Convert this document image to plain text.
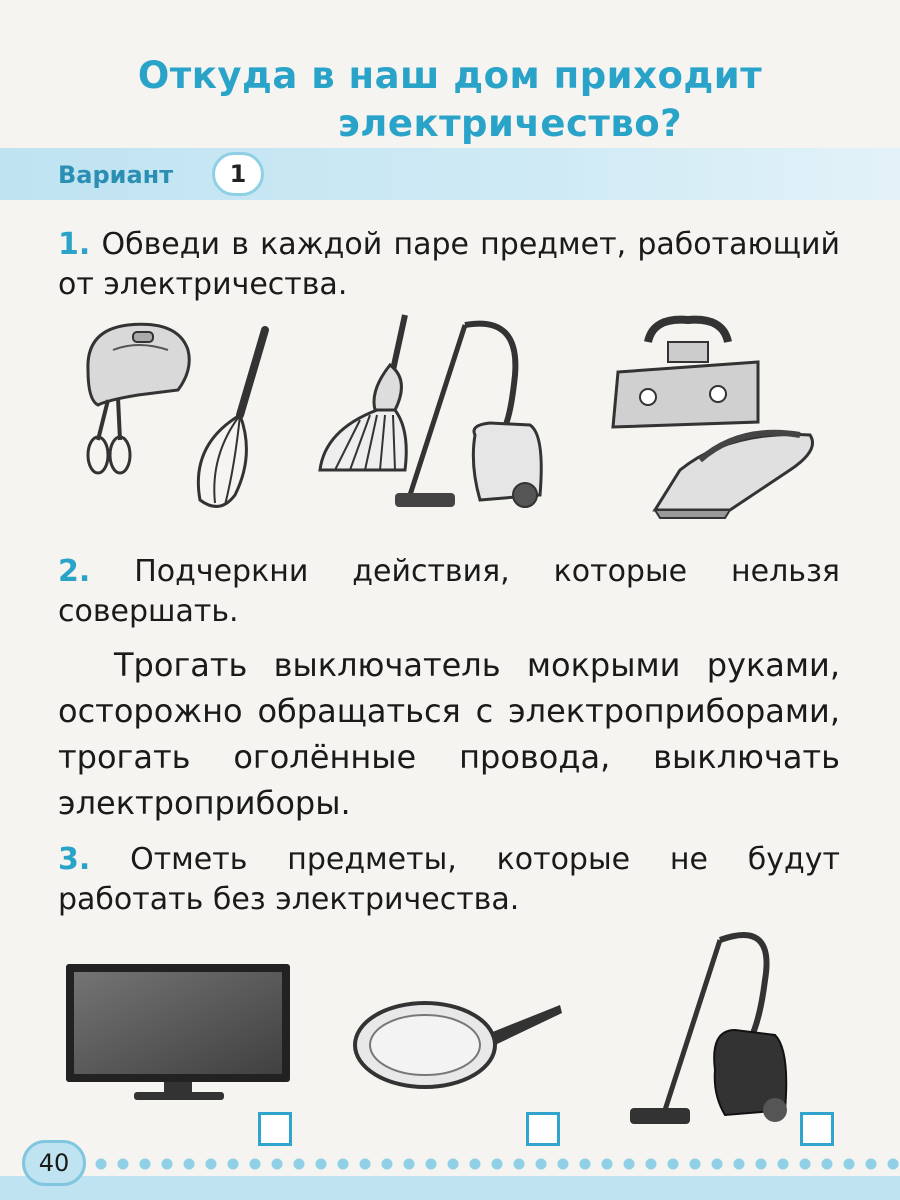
Откуда в наш дом приходит
электричество?
Вариант	1
1. Обведи в каждой паре предмет, работающий от электричества.
2. Подчеркни действия, которые нельзя совершать.
Трогать выключатель мокрыми руками, осторожно обращаться с электроприборами, трогать оголённые провода, выключать электроприборы.
3. Отметь предметы, которые не будут работать без электричества.
40
